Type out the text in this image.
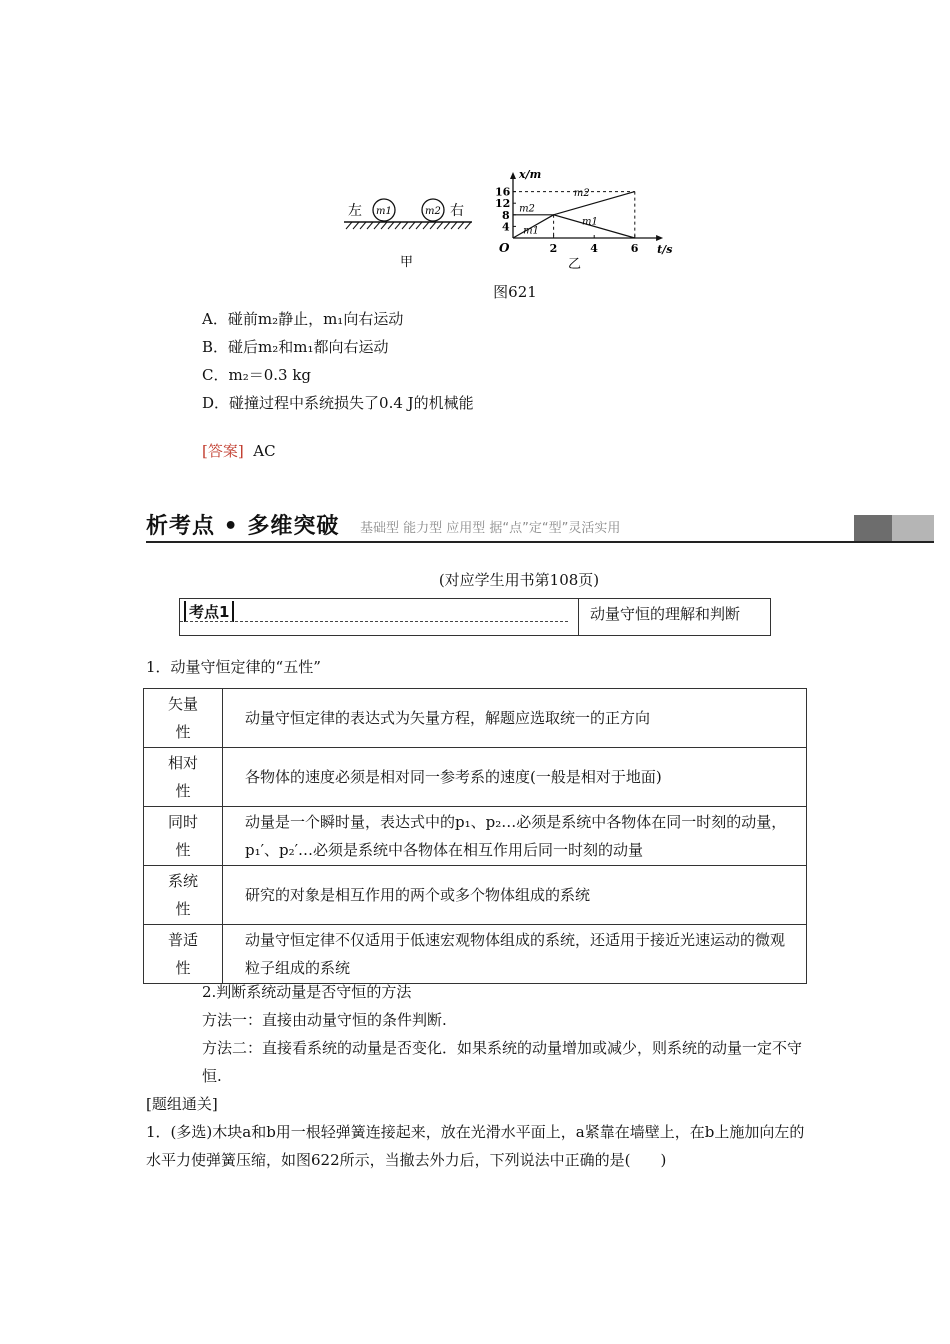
左 m1	m2 右
甲
t/s
x/m
O	2	4	6
4
8
12
16
m2
m2
m1
m1
乙
图621
A．碰前m₂静止，m₁向右运动
B．碰后m₂和m₁都向右运动
C．m₂＝0.3 kg
D．碰撞过程中系统损失了0.4 J的机械能
[答案] AC
析考点 • 多维突破 基础型 能力型 应用型 据“点”定“型”灵活实用
(对应学生用书第108页)
考点1	动量守恒的理解和判断
1．动量守恒定律的“五性”
矢量
性	动量守恒定律的表达式为矢量方程，解题应选取统一的正方向
相对
性	各物体的速度必须是相对同一参考系的速度(一般是相对于地面)
同时
性	动量是一个瞬时量，表达式中的p₁、p₂…必须是系统中各物体在同一时刻的动量，p₁′、p₂′…必须是系统中各物体在相互作用后同一时刻的动量
系统
性	研究的对象是相互作用的两个或多个物体组成的系统
普适
性	动量守恒定律不仅适用于低速宏观物体组成的系统，还适用于接近光速运动的微观粒子组成的系统
2.判断系统动量是否守恒的方法
方法一：直接由动量守恒的条件判断.
方法二：直接看系统的动量是否变化．如果系统的动量增加或减少，则系统的动量一定不守恒.
[题组通关]
1．(多选)木块a和b用一根轻弹簧连接起来，放在光滑水平面上，a紧靠在墙壁上，在b上施加向左的水平力使弹簧压缩，如图622所示，当撤去外力后，下列说法中正确的是(　　)
